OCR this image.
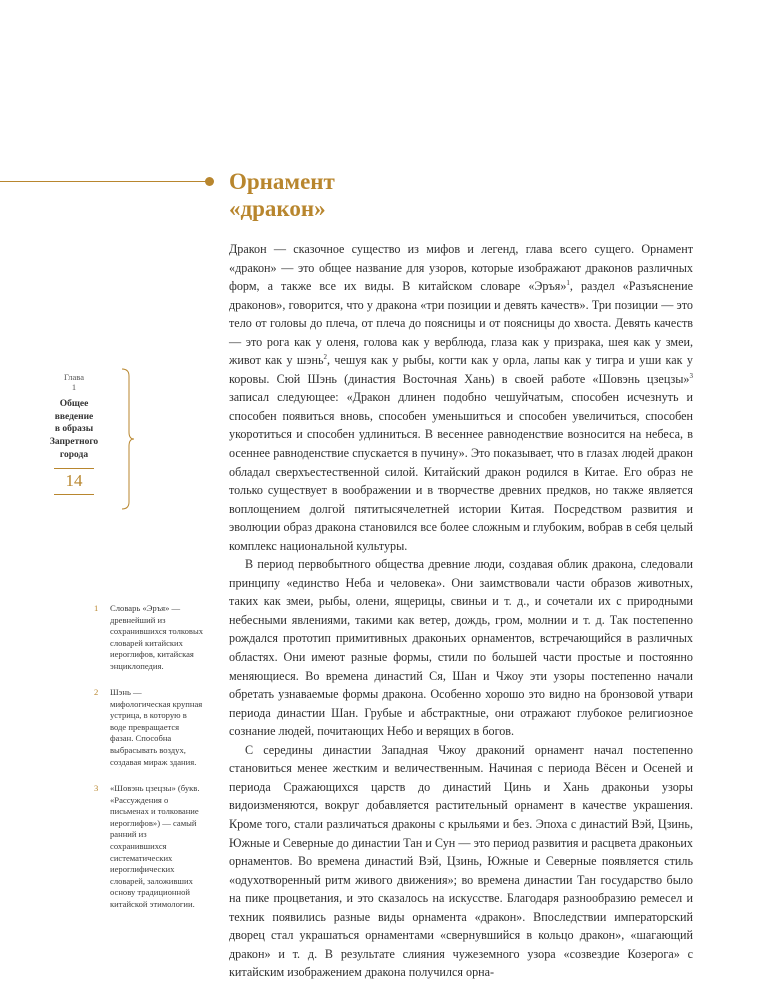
Орнамент
«дракон»

Дракон — сказочное существо из мифов и легенд, глава всего сущего. Орнамент «дракон» — это общее название для узоров, которые изображают драконов различных форм, а также все их виды. В китайском словаре «Эръя»$^1$, раздел «Разъяснение драконов», говорится, что у дракона «три позиции и девять качеств». Три позиции — это тело от головы до плеча, от плеча до поясницы и от поясницы до хвоста. Девять качеств — это рога как у оленя, голова как у верблюда, глаза как у призрака, шея как у змеи, живот как у шэнь$^2$, чешуя как у рыбы, когти как у орла, лапы как у тигра и уши как у коровы. Сюй Шэнь (династия Восточная Хань) в своей работе «Шовэнь цзецзы»$^3$ записал следующее: «Дракон длинен подобно чешуйчатым, способен исчезнуть и способен появиться вновь, способен уменьшиться и способен увеличиться, способен укоротиться и способен удлиниться. В весеннее равноденствие возносится на небеса, в осеннее равноденствие спускается в пучину». Это показывает, что в глазах людей дракон обладал сверхъестественной силой. Китайский дракон родился в Китае. Его образ не только существует в воображении и в творчестве древних предков, но также является воплощением долгой пятитысячелетней истории Китая. Посредством развития и эволюции образ дракона становился все более сложным и глубоким, вобрав в себя целый комплекс национальной культуры.

В период первобытного общества древние люди, создавая облик дракона, следовали принципу «единство Неба и человека». Они заимствовали части образов животных, таких как змеи, рыбы, олени, ящерицы, свиньи и т. д., и сочетали их с природными небесными явлениями, такими как ветер, дождь, гром, молнии и т. д. Так постепенно рождался прототип примитивных драконьих орнаментов, встречающийся в различных областях. Они имеют разные формы, стили по большей части простые и постоянно меняющиеся. Во времена династий Ся, Шан и Чжоу эти узоры постепенно начали обретать узнаваемые формы дракона. Особенно хорошо это видно на бронзовой утвари периода династии Шан. Грубые и абстрактные, они отражают глубокое религиозное сознание людей, почитающих Небо и верящих в богов.

С середины династии Западная Чжоу драконий орнамент начал постепенно становиться менее жестким и величественным. Начиная с периода Вёсен и Осеней и периода Сражающихся царств до династий Цинь и Хань драконьи узоры видоизменяются, вокруг добавляется растительный орнамент в качестве украшения. Кроме того, стали различаться драконы с крыльями и без. Эпоха с династий Вэй, Цзинь, Южные и Северные до династии Тан и Сун — это период развития и расцвета драконьих орнаментов. Во времена династий Вэй, Цзинь, Южные и Северные появляется стиль «одухотворенный ритм живого движения»; во времена династии Тан государство было на пике процветания, и это сказалось на искусстве. Благодаря разнообразию ремесел и техник появились разные виды орнамента «дракон». Впоследствии императорский дворец стал украшаться орнаментами «свернувшийся в кольцо дракон», «шагающий дракон» и т. д. В результате слияния чужеземного узора «созвездие Козерога» с китайским изображением дракона получился орна-

Глава
1
Общее
введение
в образы
Запретного
города
14
1	Словарь «Эръя» — древнейший из сохранившихся толковых словарей китайских иероглифов, китайская энциклопедия.
2	Шэнь — мифологическая крупная устрица, в которую в воде превращается фазан. Способна выбрасывать воздух, создавая мираж здания.
3	«Шовэнь цзецзы» (букв. «Рассуждения о письменах и толкование иероглифов») — самый ранний из сохранившихся систематических иероглифических словарей, заложивших основу традиционной китайской этимологии.
